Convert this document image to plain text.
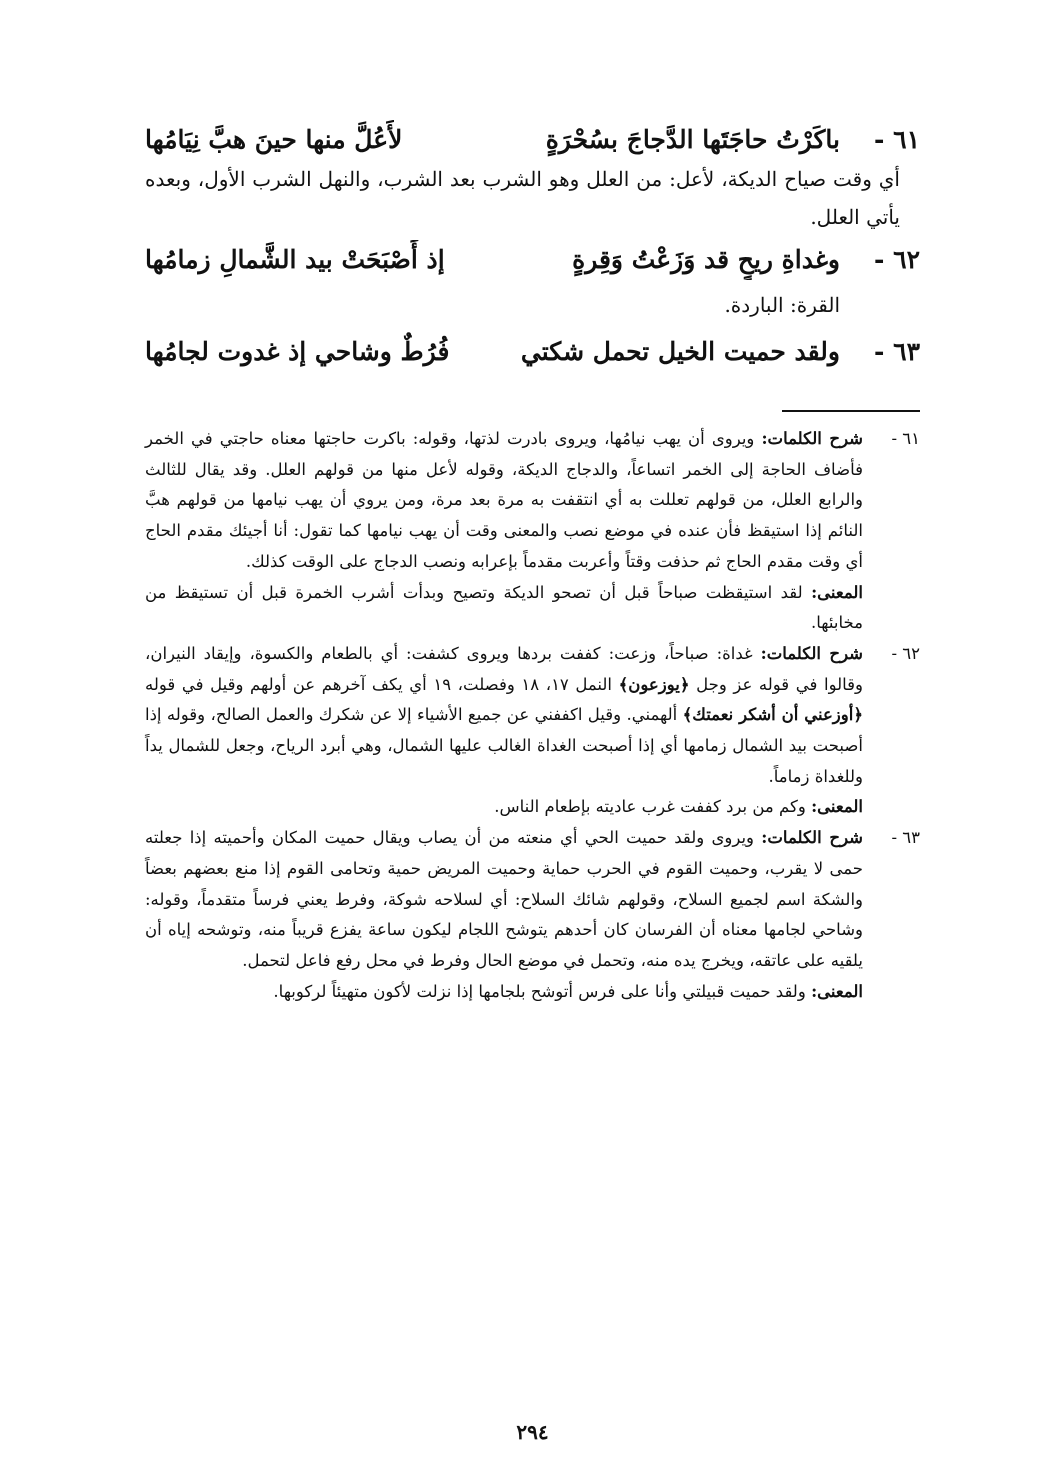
٦١ -
باكَرْتُ حاجَتَها الدَّجاجَ بسُحْرَةٍ
لأَعُلَّ منها حينَ هبَّ نِيَامُها

أي وقت صياح الديكة، لأعل: من العلل وهو الشرب بعد الشرب، والنهل الشرب الأول، وبعده يأتي العلل.

٦٢ -
وغداةِ ريحٍ قد وَزَعْتُ وَقِرةٍ
إذ أَصْبَحَتْ بيد الشَّمالِ زمامُها

القرة: الباردة.

٦٣ -
ولقد حميت الخيل تحمل شكتي
فُرُطٌ وشاحي إذ غدوت لجامُها
٦١ -

شرح الكلمات: ويروى أن يهب نيامُها، ويروى بادرت لذتها، وقوله: باكرت حاجتها معناه حاجتي في الخمر فأضاف الحاجة إلى الخمر اتساعاً، والدجاج الديكة، وقوله لأعل منها من قولهم العلل. وقد يقال للثالث والرابع العلل، من قولهم تعللت به أي انتقفت به مرة بعد مرة، ومن يروي أن يهب نيامها من قولهم هبَّ النائم إذا استيقظ فأن عنده في موضع نصب والمعنى وقت أن يهب نيامها كما تقول: أنا أجيئك مقدم الحاج أي وقت مقدم الحاج ثم حذفت وقتاً وأعربت مقدماً بإعرابه ونصب الدجاج على الوقت كذلك.

المعنى: لقد استيقظت صباحاً قبل أن تصحو الديكة وتصيح وبدأت أشرب الخمرة قبل أن تستيقظ من مخابئها.

٦٢ -

شرح الكلمات: غداة: صباحاً، وزعت: كففت بردها ويروى كشفت: أي بالطعام والكسوة، وإيقاد النيران، وقالوا في قوله عز وجل ﴿يوزعون﴾ النمل ١٧، ١٨ وفصلت، ١٩ أي يكف آخرهم عن أولهم وقيل في قوله ﴿أوزعني أن أشكر نعمتك﴾ ألهمني. وقيل اكففني عن جميع الأشياء إلا عن شكرك والعمل الصالح، وقوله إذا أصبحت بيد الشمال زمامها أي إذا أصبحت الغداة الغالب عليها الشمال، وهي أبرد الرياح، وجعل للشمال يداً وللغداة زماماً.

المعنى: وكم من برد كففت غرب عاديته بإطعام الناس.

٦٣ -

شرح الكلمات: ويروى ولقد حميت الحي أي منعته من أن يصاب ويقال حميت المكان وأحميته إذا جعلته حمى لا يقرب، وحميت القوم في الحرب حماية وحميت المريض حمية وتحامى القوم إذا منع بعضهم بعضاً والشكة اسم لجميع السلاح، وقولهم شائك السلاح: أي لسلاحه شوكة، وفرط يعني فرساً متقدماً، وقوله: وشاحي لجامها معناه أن الفرسان كان أحدهم يتوشح اللجام ليكون ساعة يفزع قريباً منه، وتوشحه إياه أن يلقيه على عاتقه، ويخرج يده منه، وتحمل في موضع الحال وفرط في محل رفع فاعل لتحمل.

المعنى: ولقد حميت قبيلتي وأنا على فرس أتوشح بلجامها إذا نزلت لأكون متهيئاً لركوبها.

٢٩٤
